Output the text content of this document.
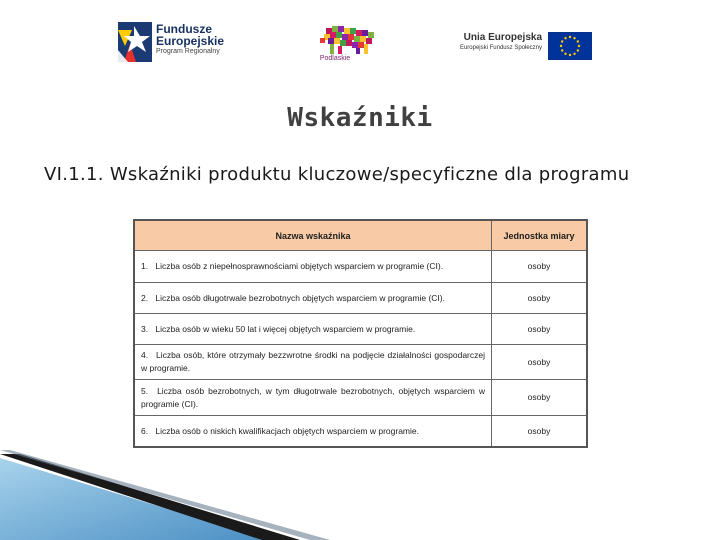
Fundusze
Europejskie
Program Regionalny
Podlaskie
Unia Europejska
Europejski Fundusz Społeczny
Wskaźniki
VI.1.1. Wskaźniki produktu kluczowe/specyficzne dla programu
Nazwa wskaźnika	Jednostka miary
1. Liczba osób z niepełnosprawnościami objętych wsparciem w programie (CI).	osoby
2. Liczba osób długotrwale bezrobotnych objętych wsparciem w programie (CI).	osoby
3. Liczba osób w wieku 50 lat i więcej objętych wsparciem w programie.	osoby
4. Liczba osób, które otrzymały bezzwrotne środki na podjęcie działalności gospodarczej w programie.	osoby
5. Liczba osób bezrobotnych, w tym długotrwale bezrobotnych, objętych wsparciem w programie (CI).	osoby
6. Liczba osób o niskich kwalifikacjach objętych wsparciem w programie.	osoby
